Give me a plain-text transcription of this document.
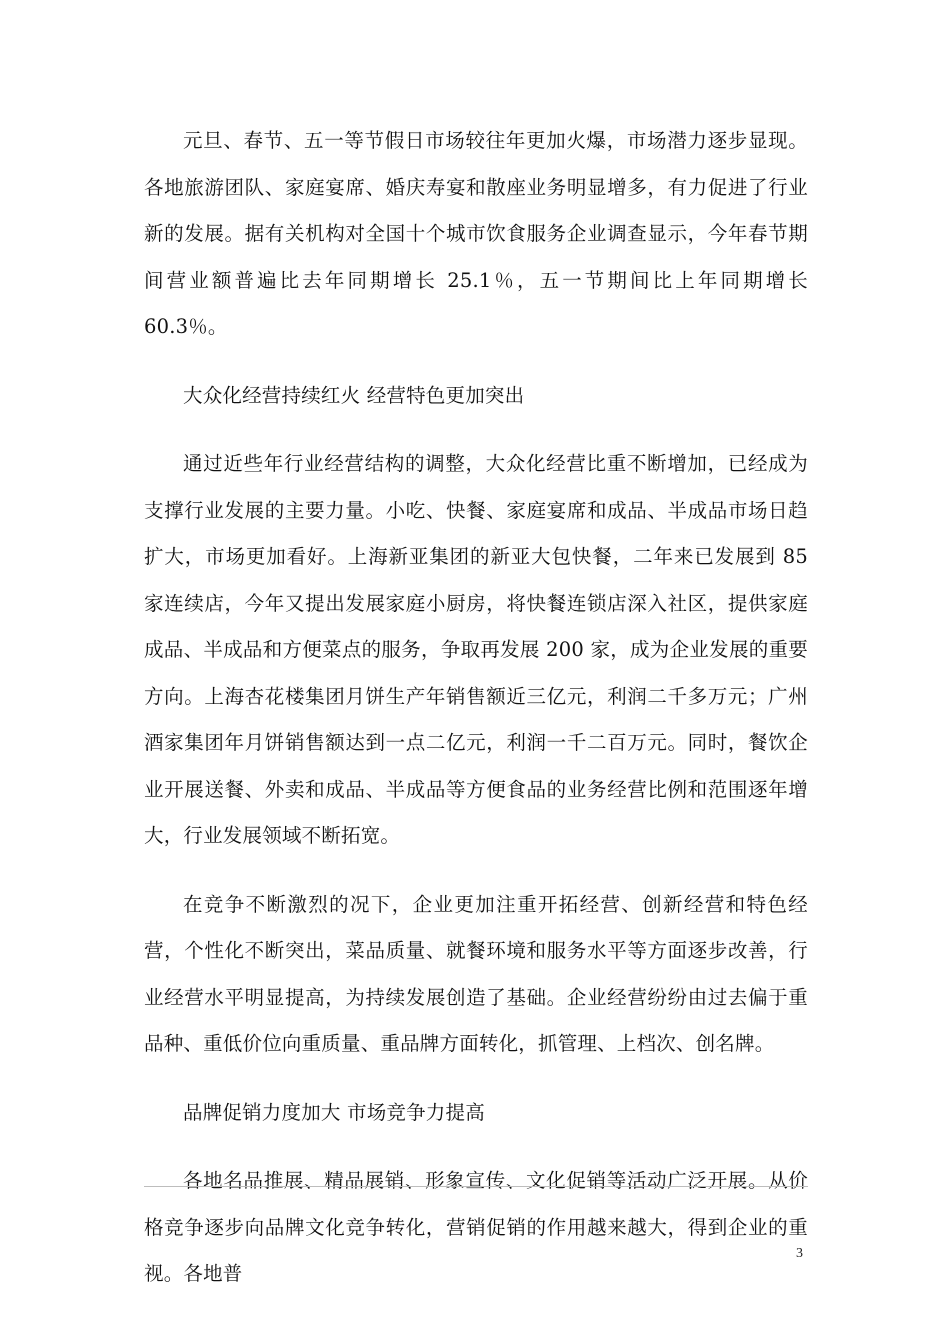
元旦、春节、五一等节假日市场较往年更加火爆，市场潜力逐步显现。各地旅游团队、家庭宴席、婚庆寿宴和散座业务明显增多，有力促进了行业新的发展。据有关机构对全国十个城市饮食服务企业调查显示，今年春节期间营业额普遍比去年同期增长 25.1％，五一节期间比上年同期增长 60.3％。

大众化经营持续红火 经营特色更加突出

通过近些年行业经营结构的调整，大众化经营比重不断增加，已经成为支撑行业发展的主要力量。小吃、快餐、家庭宴席和成品、半成品市场日趋扩大，市场更加看好。上海新亚集团的新亚大包快餐，二年来已发展到 85 家连续店，今年又提出发展家庭小厨房，将快餐连锁店深入社区，提供家庭成品、半成品和方便菜点的服务，争取再发展 200 家，成为企业发展的重要方向。上海杏花楼集团月饼生产年销售额近三亿元，利润二千多万元；广州酒家集团年月饼销售额达到一点二亿元，利润一千二百万元。同时，餐饮企业开展送餐、外卖和成品、半成品等方便食品的业务经营比例和范围逐年增大，行业发展领域不断拓宽。

在竞争不断激烈的况下，企业更加注重开拓经营、创新经营和特色经营，个性化不断突出，菜品质量、就餐环境和服务水平等方面逐步改善，行业经营水平明显提高，为持续发展创造了基础。企业经营纷纷由过去偏于重品种、重低价位向重质量、重品牌方面转化，抓管理、上档次、创名牌。

品牌促销力度加大 市场竞争力提高

各地名品推展、精品展销、形象宣传、文化促销等活动广泛开展。从价格竞争逐步向品牌文化竞争转化，营销促销的作用越来越大，得到企业的重视。各地普

3
